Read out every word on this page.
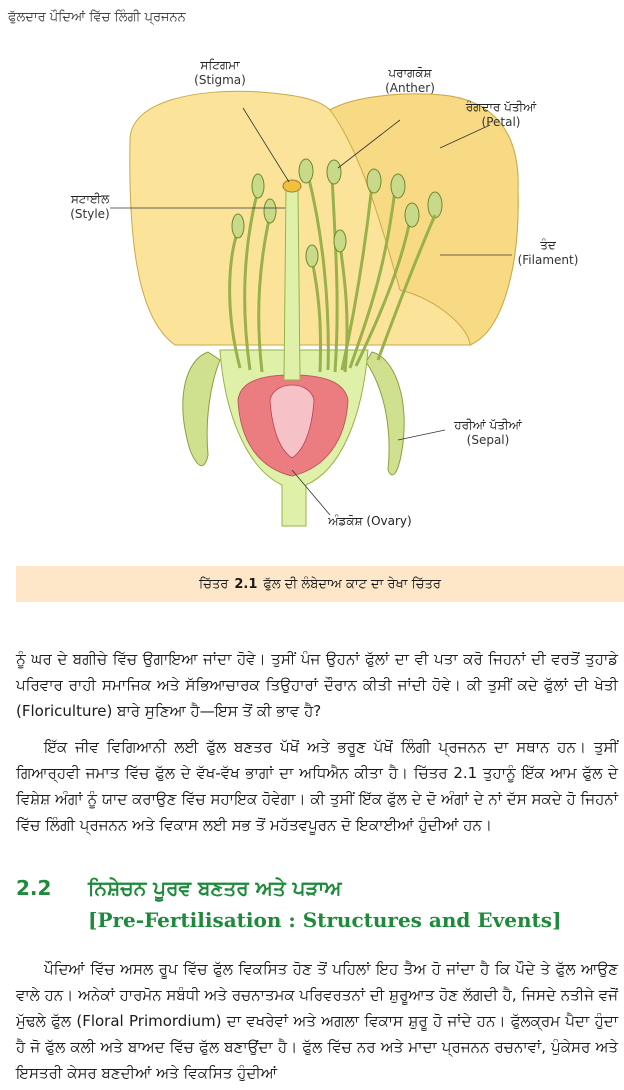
ਫੁੱਲਦਾਰ ਪੌਦਿਆਂ ਵਿੱਚ ਲਿੰਗੀ ਪ੍ਰਜਨਨ
ਸਟਿਗਮਾ
(Stigma)	ਪਰਾਗਕੋਸ਼
(Anther)
ਰੰਗਦਾਰ ਪੱਤੀਆਂ
(Petal)
ਸਟਾਈਲ
(Style)
ਤੰਦ
(Filament)
ਹਰੀਆਂ ਪੱਤੀਆਂ
(Sepal)
ਅੰਡਕੋਸ਼ (Ovary)
ਚਿੱਤਰ 2.1 ਫੁੱਲ ਦੀ ਲੰਬੇਦਾਅ ਕਾਟ ਦਾ ਰੇਖਾ ਚਿੱਤਰ

ਨੂੰ ਘਰ ਦੇ ਬਗੀਚੇ ਵਿੱਚ ਉਗਾਇਆ ਜਾਂਦਾ ਹੋਵੇ। ਤੁਸੀਂ ਪੰਜ ਉਹਨਾਂ ਫੁੱਲਾਂ ਦਾ ਵੀ ਪਤਾ ਕਰੋ ਜਿਹਨਾਂ ਦੀ ਵਰਤੋਂ ਤੁਹਾਡੇ ਪਰਿਵਾਰ ਰਾਹੀ ਸਮਾਜਿਕ ਅਤੇ ਸੱਭਿਆਚਾਰਕ ਤਿਉਹਾਰਾਂ ਦੌਰਾਨ ਕੀਤੀ ਜਾਂਦੀ ਹੋਵੇ। ਕੀ ਤੁਸੀਂ ਕਦੇ ਫੁੱਲਾਂ ਦੀ ਖੇਤੀ (Floriculture) ਬਾਰੇ ਸੁਣਿਆ ਹੈ—ਇਸ ਤੋਂ ਕੀ ਭਾਵ ਹੈ?

ਇੱਕ ਜੀਵ ਵਿਗਿਆਨੀ ਲਈ ਫੁੱਲ ਬਣਤਰ ਪੱਖੋਂ ਅਤੇ ਭਰੂਣ ਪੱਖੋਂ ਲਿੰਗੀ ਪ੍ਰਜਨਨ ਦਾ ਸਥਾਨ ਹਨ। ਤੁਸੀਂ ਗਿਆਰ੍ਹਵੀ ਜਮਾਤ ਵਿੱਚ ਫੁੱਲ ਦੇ ਵੱਖ-ਵੱਖ ਭਾਗਾਂ ਦਾ ਅਧਿਐਨ ਕੀਤਾ ਹੈ। ਚਿੱਤਰ 2.1 ਤੁਹਾਨੂੰ ਇੱਕ ਆਮ ਫੁੱਲ ਦੇ ਵਿਸ਼ੇਸ਼ ਅੰਗਾਂ ਨੂੰ ਯਾਦ ਕਰਾਉਣ ਵਿੱਚ ਸਹਾਇਕ ਹੋਵੇਗਾ। ਕੀ ਤੁਸੀਂ ਇੱਕ ਫੁੱਲ ਦੇ ਦੋ ਅੰਗਾਂ ਦੇ ਨਾਂ ਦੱਸ ਸਕਦੇ ਹੋ ਜਿਹਨਾਂ ਵਿੱਚ ਲਿੰਗੀ ਪ੍ਰਜਨਨ ਅਤੇ ਵਿਕਾਸ ਲਈ ਸਭ ਤੋਂ ਮਹੱਤਵਪੂਰਨ ਦੋ ਇਕਾਈਆਂ ਹੁੰਦੀਆਂ ਹਨ।

2.2 ਨਿਸ਼ੇਚਨ ਪੂਰਵ ਬਣਤਰ ਅਤੇ ਪੜਾਅ
[Pre-Fertilisation : Structures and Events]

ਪੌਦਿਆਂ ਵਿੱਚ ਅਸਲ ਰੂਪ ਵਿੱਚ ਫੁੱਲ ਵਿਕਸਿਤ ਹੋਣ ਤੋਂ ਪਹਿਲਾਂ ਇਹ ਤੈਅ ਹੋ ਜਾਂਦਾ ਹੈ ਕਿ ਪੌਦੇ ਤੇ ਫੁੱਲ ਆਉਣ ਵਾਲੇ ਹਨ। ਅਨੇਕਾਂ ਹਾਰਮੋਨ ਸਬੰਧੀ ਅਤੇ ਰਚਨਾਤਮਕ ਪਰਿਵਰਤਨਾਂ ਦੀ ਸ਼ੁਰੂਆਤ ਹੋਣ ਲੱਗਦੀ ਹੈ, ਜਿਸਦੇ ਨਤੀਜੇ ਵਜੋਂ ਮੁੱਢਲੇ ਫੁੱਲ (Floral Primordium) ਦਾ ਵਖਰੇਵਾਂ ਅਤੇ ਅਗਲਾ ਵਿਕਾਸ ਸ਼ੁਰੂ ਹੋ ਜਾਂਦੇ ਹਨ। ਫੁੱਲਕ੍ਰਮ ਪੈਦਾ ਹੁੰਦਾ ਹੈ ਜੋ ਫੁੱਲ ਕਲੀ ਅਤੇ ਬਾਅਦ ਵਿੱਚ ਫੁੱਲ ਬਣਾਉਂਦਾ ਹੈ। ਫੁੱਲ ਵਿੱਚ ਨਰ ਅਤੇ ਮਾਦਾ ਪ੍ਰਜਨਨ ਰਚਨਾਵਾਂ, ਪੁੰਕੇਸਰ ਅਤੇ ਇਸਤਰੀ ਕੇਸਰ ਬਣਦੀਆਂ ਅਤੇ ਵਿਕਸਿਤ ਹੁੰਦੀਆਂ
